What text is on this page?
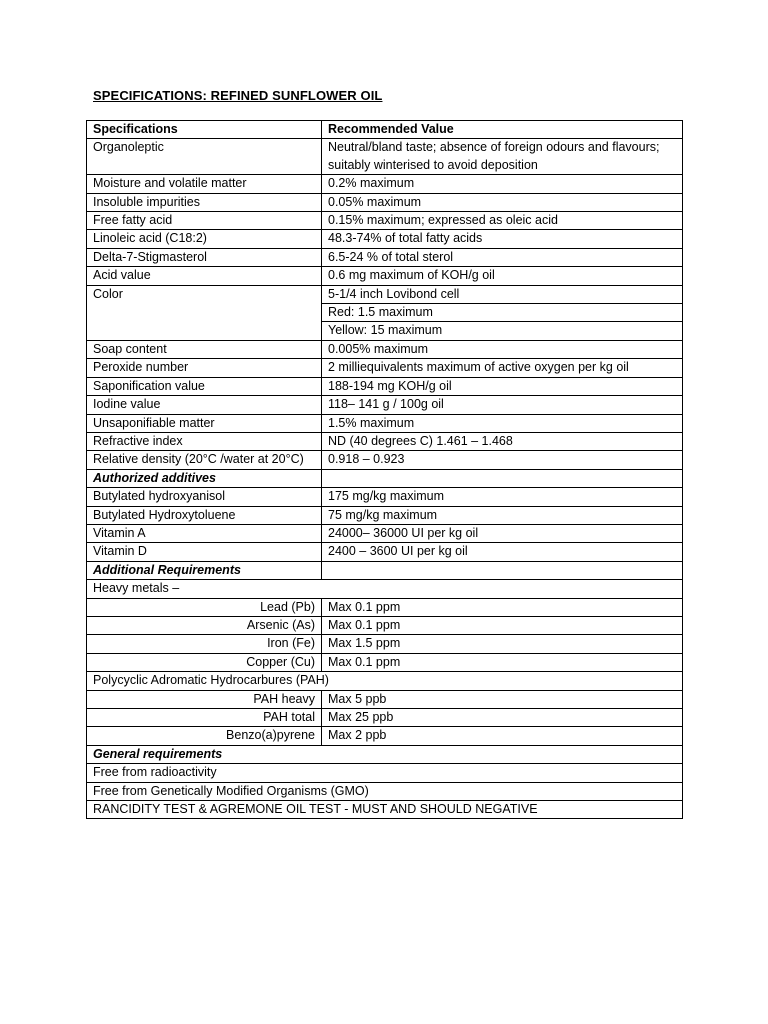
SPECIFICATIONS: REFINED SUNFLOWER OIL
Specifications	Recommended Value
Organoleptic	Neutral/bland taste; absence of foreign odours and flavours; suitably winterised to avoid deposition
Moisture and volatile matter	0.2% maximum
Insoluble impurities	0.05% maximum
Free fatty acid	0.15% maximum; expressed as oleic acid
Linoleic acid (C18:2)	48.3-74% of total fatty acids
Delta-7-Stigmasterol	6.5-24 % of total sterol
Acid value	0.6 mg maximum of KOH/g oil
Color	5-1/4 inch Lovibond cell
	Red: 1.5 maximum
	Yellow: 15 maximum
Soap content	0.005% maximum
Peroxide number	2 milliequivalents maximum of active oxygen per kg oil
Saponification value	188-194 mg KOH/g oil
Iodine value	118– 141 g / 100g oil
Unsaponifiable matter	1.5% maximum
Refractive index	ND (40 degrees C) 1.461 – 1.468
Relative density (20°C /water at 20°C)	0.918 – 0.923
Authorized additives	
Butylated hydroxyanisol	175 mg/kg maximum
Butylated Hydroxytoluene	75 mg/kg maximum
Vitamin A	24000– 36000 UI per kg oil
Vitamin D	2400 – 3600 UI per kg oil
Additional Requirements	
Heavy metals –	
Lead (Pb)	Max 0.1 ppm
Arsenic (As)	Max 0.1 ppm
Iron (Fe)	Max 1.5 ppm
Copper (Cu)	Max 0.1 ppm
Polycyclic Adromatic Hydrocarbures (PAH)	
PAH heavy	Max 5 ppb
PAH total	Max 25 ppb
Benzo(a)pyrene	Max 2 ppb
General requirements	
Free from radioactivity	
Free from Genetically Modified Organisms (GMO)	
RANCIDITY TEST & AGREMONE OIL TEST - MUST AND SHOULD NEGATIVE	
